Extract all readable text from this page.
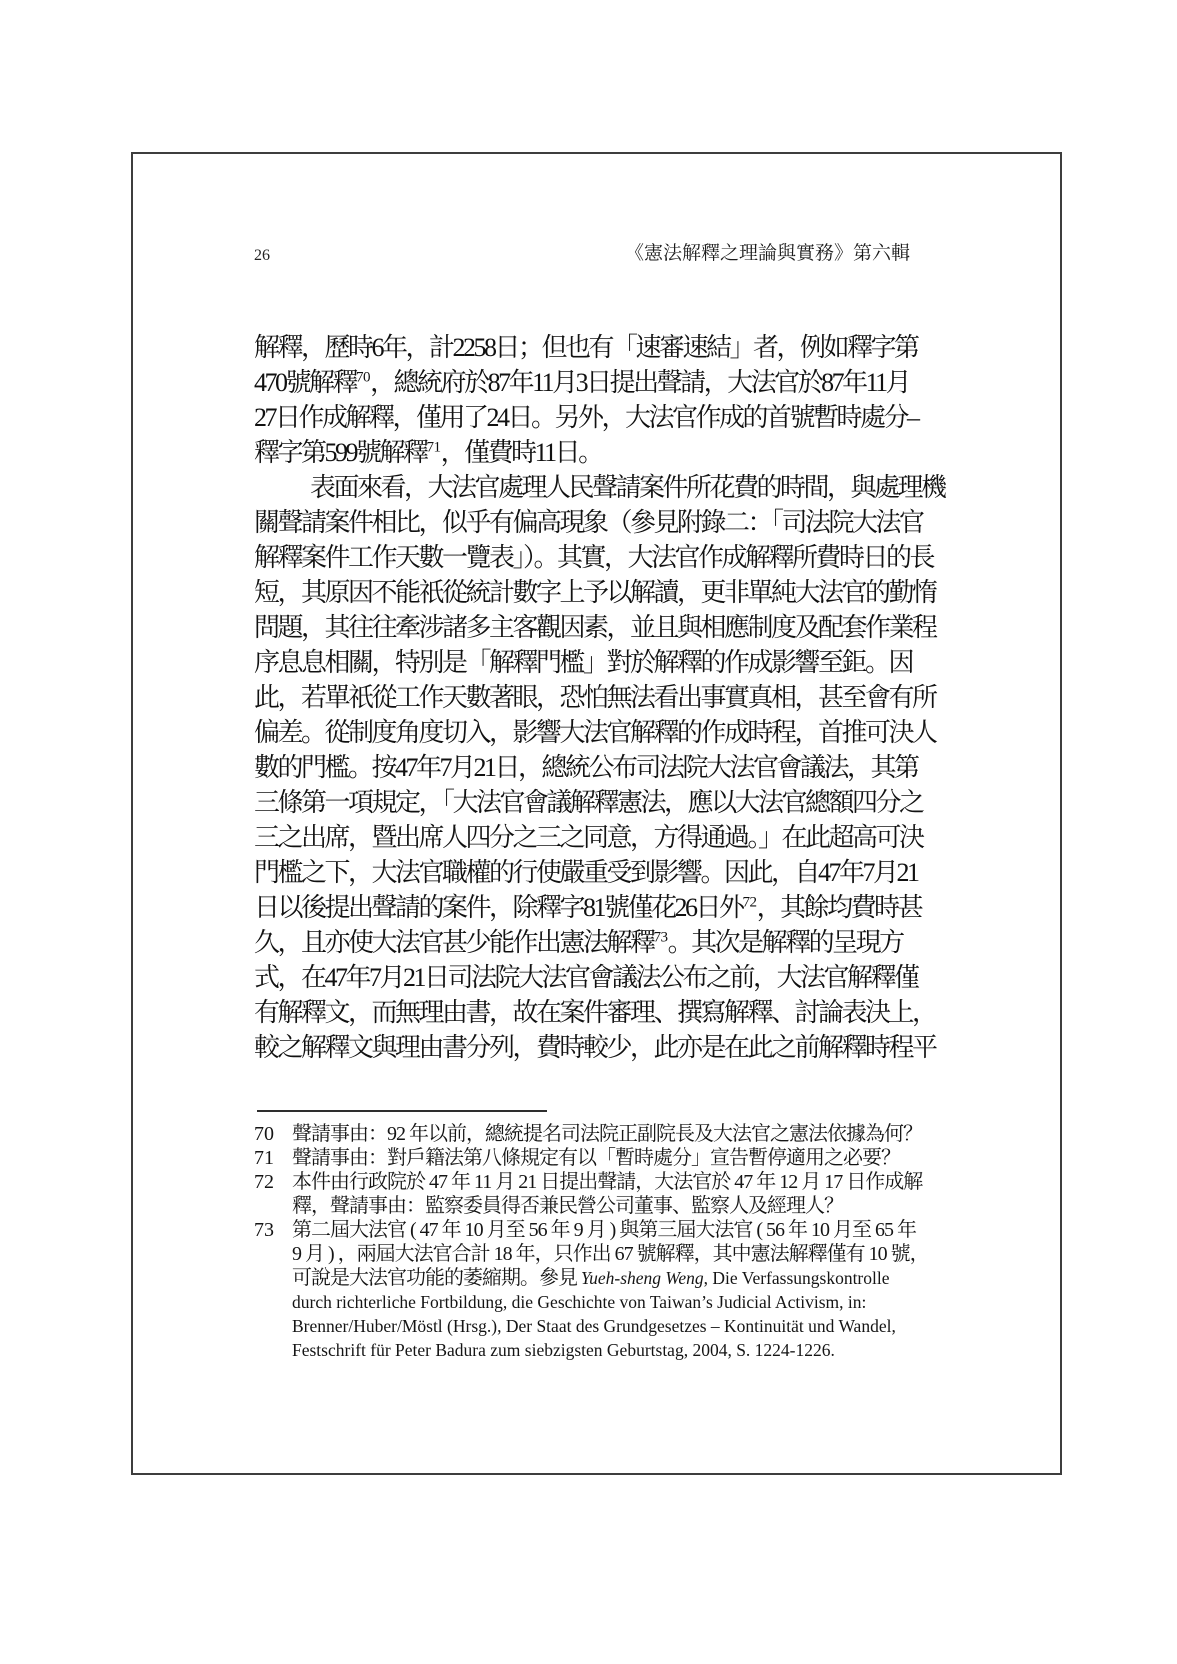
26	《憲法解釋之理論與實務》第六輯
解釋，歷時6年，計2258日；但也有「速審速結」者，例如釋字第
470號解釋$^{70}$，總統府於87年11月3日提出聲請，大法官於87年11月
27日作成解釋，僅用了24日。另外，大法官作成的首號暫時處分–
釋字第599號解釋$^{71}$，僅費時11日。
表面來看，大法官處理人民聲請案件所花費的時間，與處理機
關聲請案件相比，似乎有偏高現象（參見附錄二：「司法院大法官
解釋案件工作天數一覽表」）。其實，大法官作成解釋所費時日的長
短，其原因不能祇從統計數字上予以解讀，更非單純大法官的勤惰
問題，其往往牽涉諸多主客觀因素，並且與相應制度及配套作業程
序息息相關，特別是「解釋門檻」對於解釋的作成影響至鉅。因
此，若單祇從工作天數著眼，恐怕無法看出事實真相，甚至會有所
偏差。從制度角度切入，影響大法官解釋的作成時程，首推可決人
數的門檻。按47年7月21日，總統公布司法院大法官會議法，其第
三條第一項規定，「大法官會議解釋憲法，應以大法官總額四分之
三之出席，暨出席人四分之三之同意，方得通過。」在此超高可決
門檻之下，大法官職權的行使嚴重受到影響。因此，自47年7月21
日以後提出聲請的案件，除釋字81號僅花26日外$^{72}$，其餘均費時甚
久，且亦使大法官甚少能作出憲法解釋$^{73}$。其次是解釋的呈現方
式，在47年7月21日司法院大法官會議法公布之前，大法官解釋僅
有解釋文，而無理由書，故在案件審理、撰寫解釋、討論表決上，
較之解釋文與理由書分列，費時較少，此亦是在此之前解釋時程平
70 聲請事由：92 年以前，總統提名司法院正副院長及大法官之憲法依據為何？
71 聲請事由：對戶籍法第八條規定有以「暫時處分」宣告暫停適用之必要？
72 本件由行政院於 47 年 11 月 21 日提出聲請，大法官於 47 年 12 月 17 日作成解
釋，聲請事由：監察委員得否兼民營公司董事、監察人及經理人？
73 第二屆大法官 ( 47 年 10 月至 56 年 9 月 ) 與第三屆大法官 ( 56 年 10 月至 65 年
9 月 ) ，兩屆大法官合計 18 年，只作出 67 號解釋，其中憲法解釋僅有 10 號，
可說是大法官功能的萎縮期。參見 Yueh-sheng Weng, Die Verfassungskontrolle
durch richterliche Fortbildung, die Geschichte von Taiwan’s Judicial Activism, in:
Brenner/Huber/Möstl (Hrsg.), Der Staat des Grundgesetzes – Kontinuität und Wandel,
Festschrift für Peter Badura zum siebzigsten Geburtstag, 2004, S. 1224-1226.
